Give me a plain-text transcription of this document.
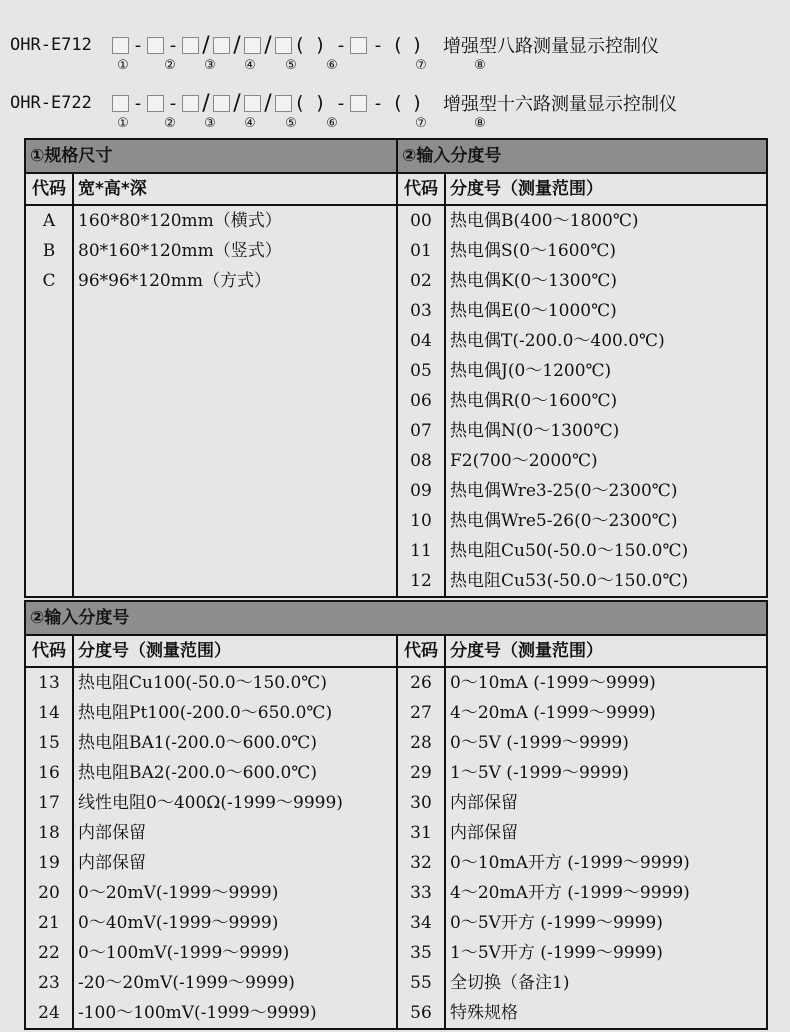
OHR-E712	-	- / / / ( ) -	- ( )	增强型八路测量显示控制仪
①	②	③	④	⑤	⑥	⑦	⑧
OHR-E722	-	- / / / ( ) -	- ( )	增强型十六路测量显示控制仪
①	②	③	④	⑤	⑥	⑦	⑧
①规格尺寸		②输入分度号	
代码	宽*高*深	代码	分度号（测量范围）
A	160*80*120mm（横式）	00	热电偶B(400～1800℃)
B	80*160*120mm（竖式）	01	热电偶S(0～1600℃)
C	96*96*120mm（方式）	02	热电偶K(0～1300℃)
		03	热电偶E(0～1000℃)
		04	热电偶T(-200.0～400.0℃)
		05	热电偶J(0～1200℃)
		06	热电偶R(0～1600℃)
		07	热电偶N(0～1300℃)
		08	F2(700～2000℃)
		09	热电偶Wre3-25(0～2300℃)
		10	热电偶Wre5-26(0～2300℃)
		11	热电阻Cu50(-50.0～150.0℃)
		12	热电阻Cu53(-50.0～150.0℃)
②输入分度号			
代码	分度号（测量范围）	代码	分度号（测量范围）
13	热电阻Cu100(-50.0～150.0℃)	26	0～10mA (-1999～9999)
14	热电阻Pt100(-200.0～650.0℃)	27	4～20mA (-1999～9999)
15	热电阻BA1(-200.0～600.0℃)	28	0～5V (-1999～9999)
16	热电阻BA2(-200.0～600.0℃)	29	1～5V (-1999～9999)
17	线性电阻0～400Ω(-1999～9999)	30	内部保留
18	内部保留	31	内部保留
19	内部保留	32	0～10mA开方 (-1999～9999)
20	0～20mV(-1999～9999)	33	4～20mA开方 (-1999～9999)
21	0～40mV(-1999～9999)	34	0～5V开方 (-1999～9999)
22	0～100mV(-1999～9999)	35	1～5V开方 (-1999～9999)
23	-20～20mV(-1999～9999)	55	全切换（备注1)
24	-100～100mV(-1999～9999)	56	特殊规格
